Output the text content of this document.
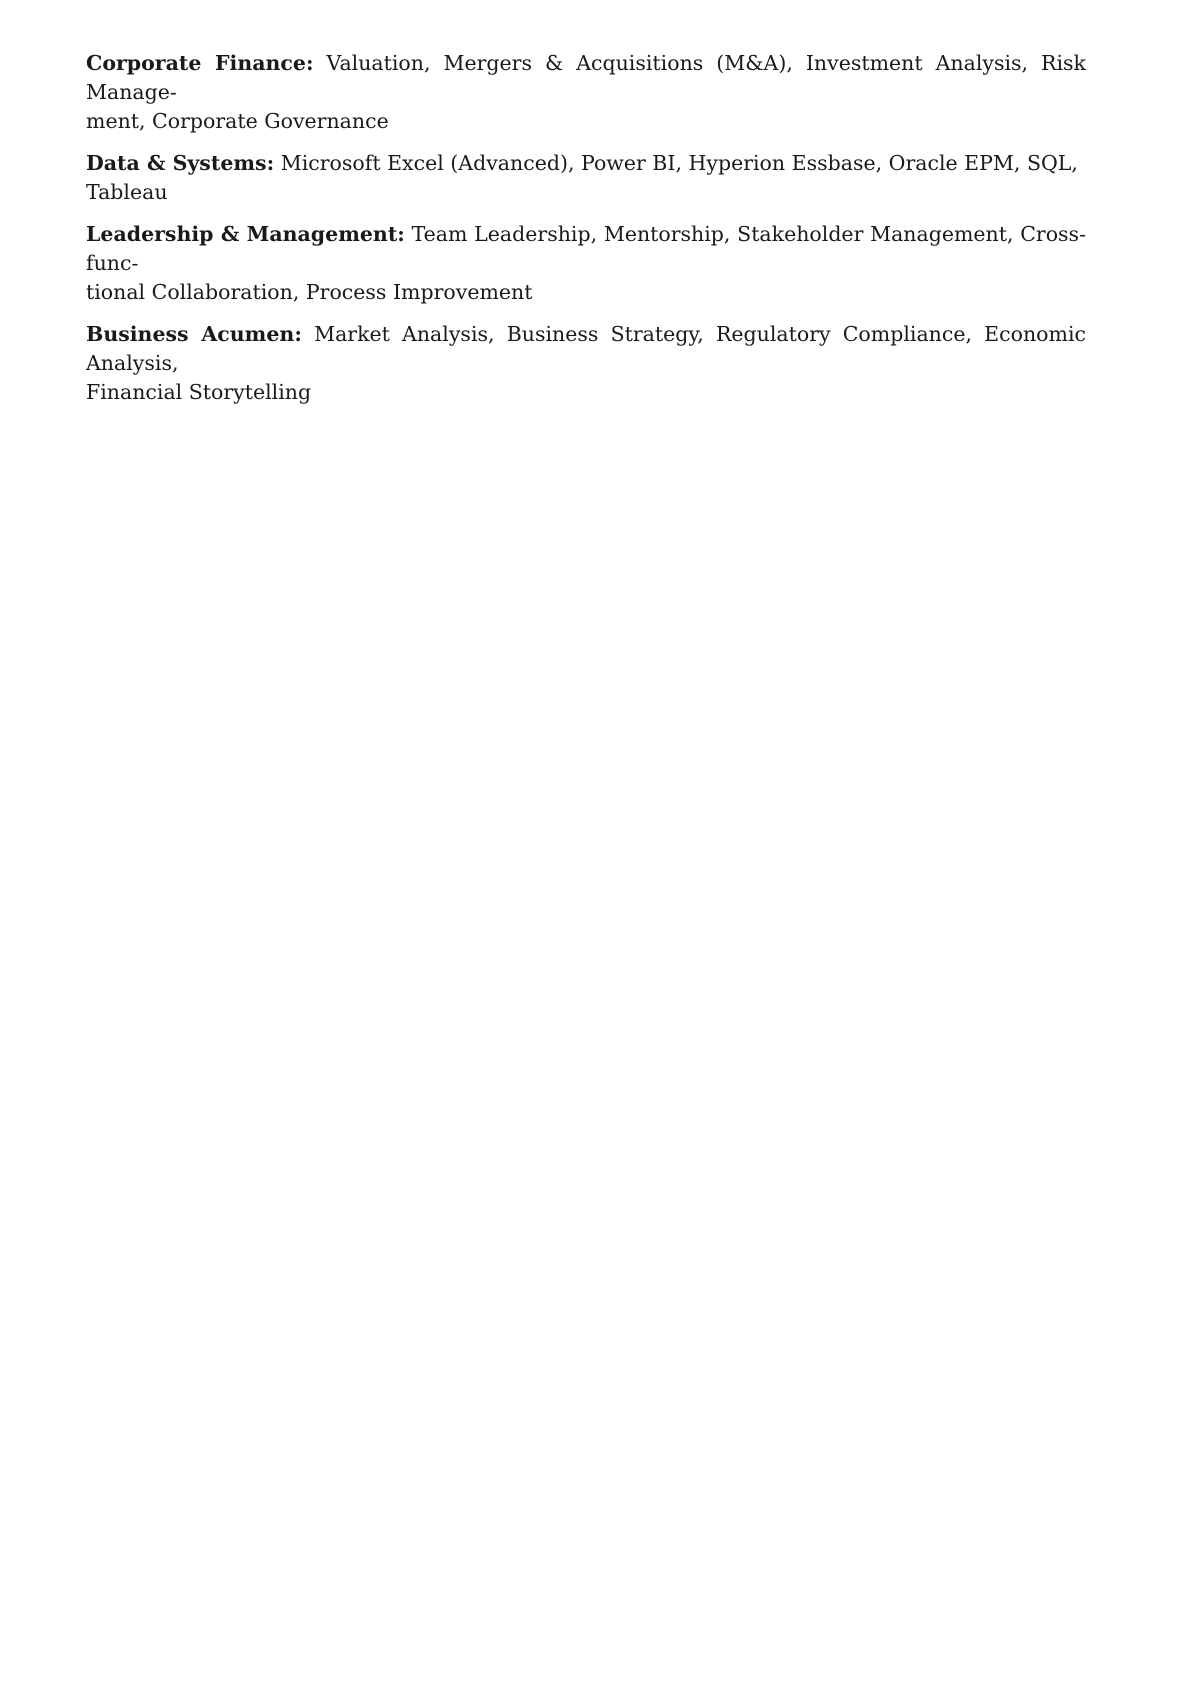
Corporate Finance: Valuation, Mergers & Acquisitions (M&A), Investment Analysis, Risk Manage-
ment, Corporate Governance

Data & Systems: Microsoft Excel (Advanced), Power BI, Hyperion Essbase, Oracle EPM, SQL,
Tableau

Leadership & Management: Team Leadership, Mentorship, Stakeholder Management, Cross-func-
tional Collaboration, Process Improvement

Business Acumen: Market Analysis, Business Strategy, Regulatory Compliance, Economic Analysis,
Financial Storytelling
